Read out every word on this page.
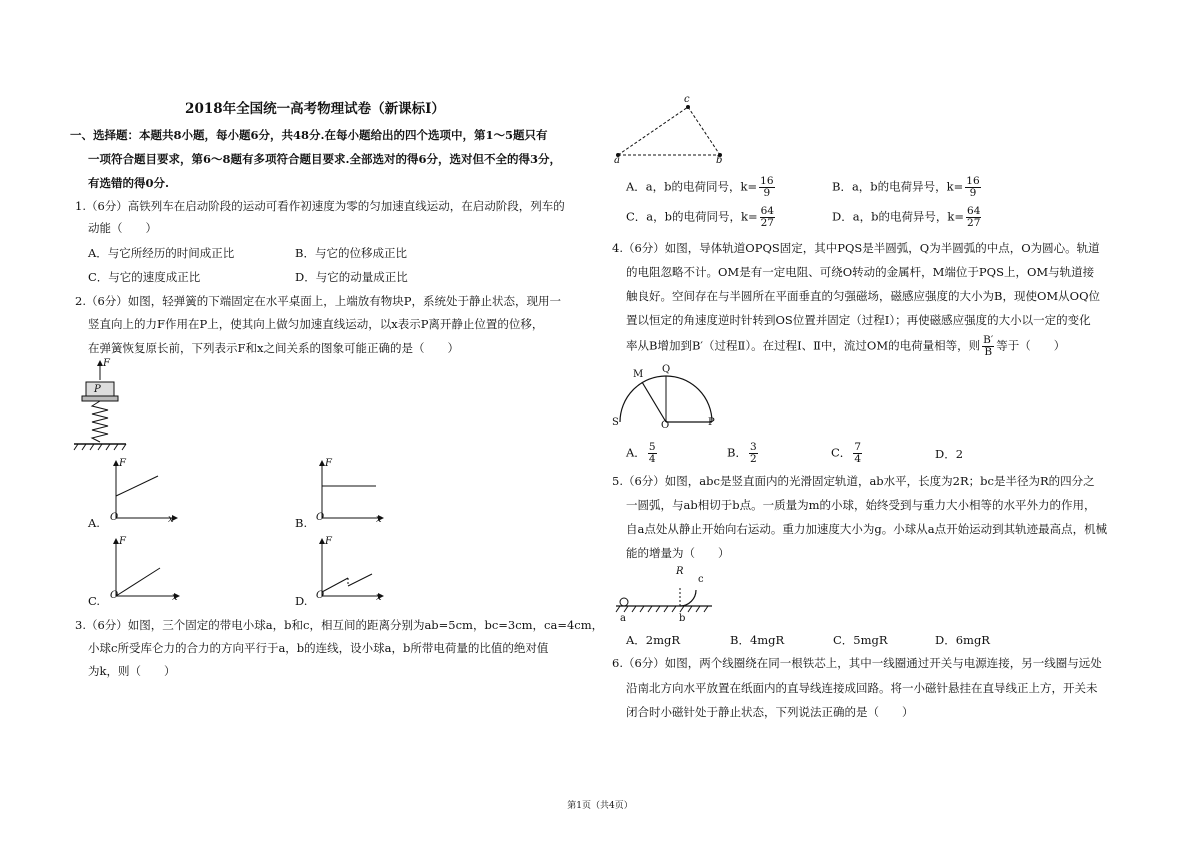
2018年全国统一高考物理试卷（新课标Ⅰ）
一、选择题：本题共8小题，每小题6分，共48分.在每小题给出的四个选项中，第1～5题只有
一项符合题目要求，第6～8题有多项符合题目要求.全部选对的得6分，选对但不全的得3分，
有选错的得0分.
1.（6分）高铁列车在启动阶段的运动可看作初速度为零的匀加速直线运动，在启动阶段，列车的
动能（　　）
A．与它所经历的时间成正比	B．与它的位移成正比
C．与它的速度成正比	D．与它的动量成正比
2.（6分）如图，轻弹簧的下端固定在水平桌面上，上端放有物块P，系统处于静止状态，现用一
竖直向上的力F作用在P上，使其向上做匀加速直线运动，以x表示P离开静止位置的位移，
在弹簧恢复原长前，下列表示F和x之间关系的图象可能正确的是（　　）
F
P
A.
F
x
O	B.
F
x
O
C.
F
x
O	D.
F
x
O
3.（6分）如图，三个固定的带电小球a，b和c，相互间的距离分别为ab=5cm，bc=3cm，ca=4cm，
小球c所受库仑力的合力的方向平行于a，b的连线，设小球a，b所带电荷量的比值的绝对值
为k，则（　　）
c
a	b
A．a，b的电荷同号，$k= \frac{16}{9}$	B．a，b的电荷异号，$k= \frac{16}{9}$
C．a，b的电荷同号，$k= \frac{64}{27}$	D．a，b的电荷异号，$k= \frac{64}{27}$
4.（6分）如图，导体轨道OPQS固定，其中PQS是半圆弧，Q为半圆弧的中点，O为圆心。轨道
的电阻忽略不计。OM是有一定电阻、可绕O转动的金属杆，M端位于PQS上，OM与轨道接
触良好。空间存在与半圆所在平面垂直的匀强磁场，磁感应强度的大小为B，现使OM从OQ位
置以恒定的角速度逆时针转到OS位置并固定（过程Ⅰ）；再使磁感应强度的大小以一定的变化
率从B增加到B′（过程Ⅱ）。在过程Ⅰ、Ⅱ中，流过OM的电荷量相等，则 $\frac{B'}{B}$ 等于（　　）
M Q
S	O	P
A． $\frac{5}{4}$	B． $\frac{3}{2}$	C． $\frac{7}{4}$	D．2
5.（6分）如图，abc是竖直面内的光滑固定轨道，ab水平，长度为2R；bc是半径为R的四分之
一圆弧，与ab相切于b点。一质量为m的小球，始终受到与重力大小相等的水平外力的作用，
自a点处从静止开始向右运动。重力加速度大小为g。小球从a点开始运动到其轨迹最高点，机械
能的增量为（　　）
R
c
a	b
A．2mgR	B．4mgR	C．5mgR	D．6mgR
6.（6分）如图，两个线圈绕在同一根铁芯上，其中一线圈通过开关与电源连接，另一线圈与远处
沿南北方向水平放置在纸面内的直导线连接成回路。将一小磁针悬挂在直导线正上方，开关未
闭合时小磁针处于静止状态，下列说法正确的是（　　）
第1页（共4页）
